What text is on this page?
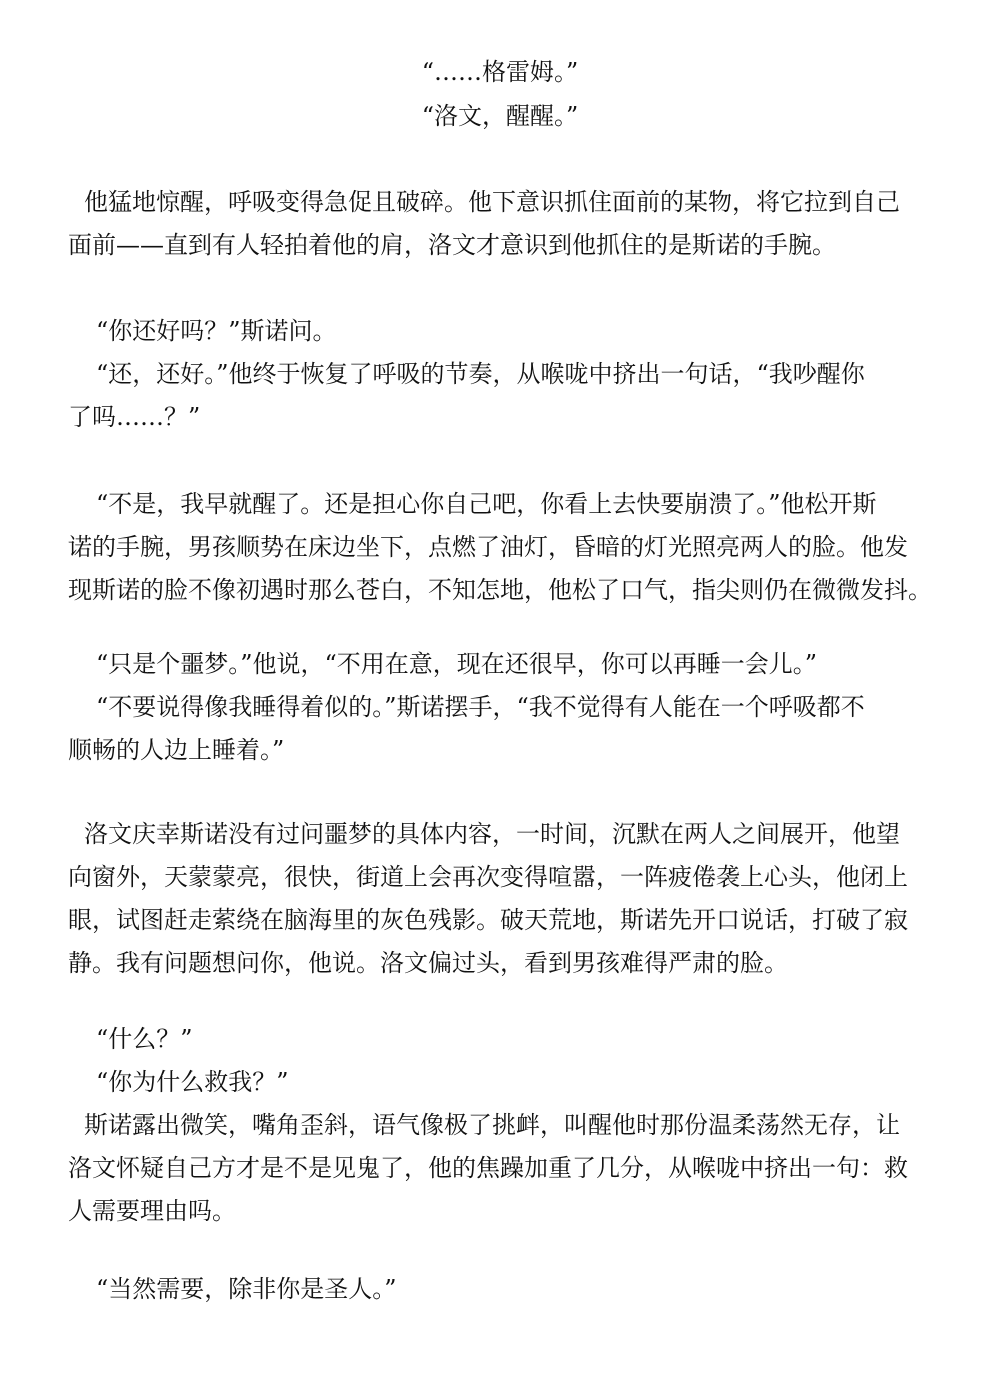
“……格雷姆。”
“洛文，醒醒。”
他猛地惊醒，呼吸变得急促且破碎。他下意识抓住面前的某物，将它拉到自己
面前——直到有人轻拍着他的肩，洛文才意识到他抓住的是斯诺的手腕。
“你还好吗？”斯诺问。
“还，还好。”他终于恢复了呼吸的节奏，从喉咙中挤出一句话，“我吵醒你
了吗……？”
“不是，我早就醒了。还是担心你自己吧，你看上去快要崩溃了。”他松开斯
诺的手腕，男孩顺势在床边坐下，点燃了油灯，昏暗的灯光照亮两人的脸。他发
现斯诺的脸不像初遇时那么苍白，不知怎地，他松了口气，指尖则仍在微微发抖。
“只是个噩梦。”他说，“不用在意，现在还很早，你可以再睡一会儿。”
“不要说得像我睡得着似的。”斯诺摆手，“我不觉得有人能在一个呼吸都不
顺畅的人边上睡着。”
洛文庆幸斯诺没有过问噩梦的具体内容，一时间，沉默在两人之间展开，他望
向窗外，天蒙蒙亮，很快，街道上会再次变得喧嚣，一阵疲倦袭上心头，他闭上
眼，试图赶走萦绕在脑海里的灰色残影。破天荒地，斯诺先开口说话，打破了寂
静。我有问题想问你，他说。洛文偏过头，看到男孩难得严肃的脸。
“什么？”
“你为什么救我？”
斯诺露出微笑，嘴角歪斜，语气像极了挑衅，叫醒他时那份温柔荡然无存，让
洛文怀疑自己方才是不是见鬼了，他的焦躁加重了几分，从喉咙中挤出一句：救
人需要理由吗。
“当然需要，除非你是圣人。”
